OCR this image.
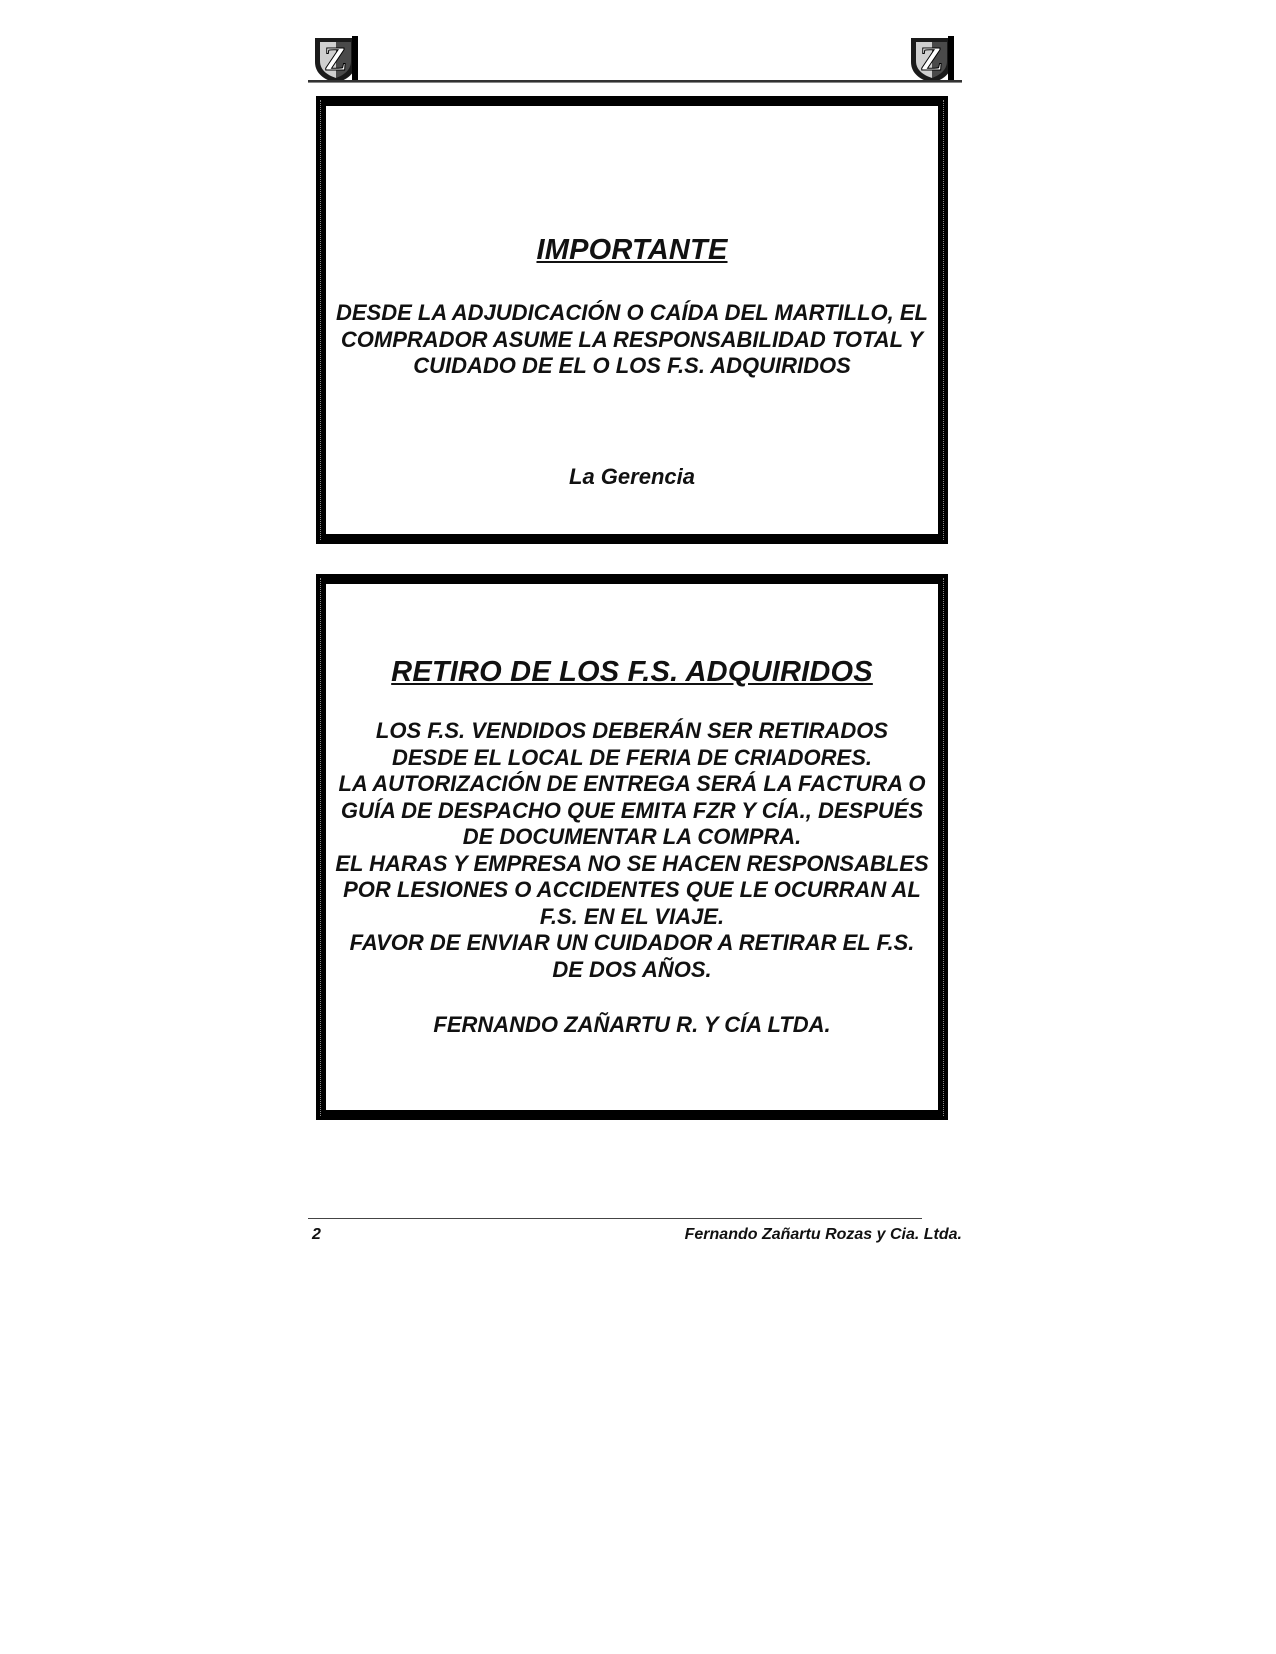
Z	Z
IMPORTANTE
DESDE LA ADJUDICACIÓN O CAÍDA DEL MARTILLO, EL
COMPRADOR ASUME LA RESPONSABILIDAD TOTAL Y
CUIDADO DE EL O LOS F.S. ADQUIRIDOS
La Gerencia
RETIRO DE LOS F.S. ADQUIRIDOS
LOS F.S. VENDIDOS DEBERÁN SER RETIRADOS
DESDE EL LOCAL DE FERIA DE CRIADORES.
LA AUTORIZACIÓN DE ENTREGA SERÁ LA FACTURA O
GUÍA DE DESPACHO QUE EMITA FZR Y CÍA., DESPUÉS
DE DOCUMENTAR LA COMPRA.
EL HARAS Y EMPRESA NO SE HACEN RESPONSABLES
POR LESIONES O ACCIDENTES QUE LE OCURRAN AL
F.S. EN EL VIAJE.
FAVOR DE ENVIAR UN CUIDADOR A RETIRAR EL F.S.
DE DOS AÑOS.
FERNANDO ZAÑARTU R. Y CÍA LTDA.
2	Fernando Zañartu Rozas y Cia. Ltda.
